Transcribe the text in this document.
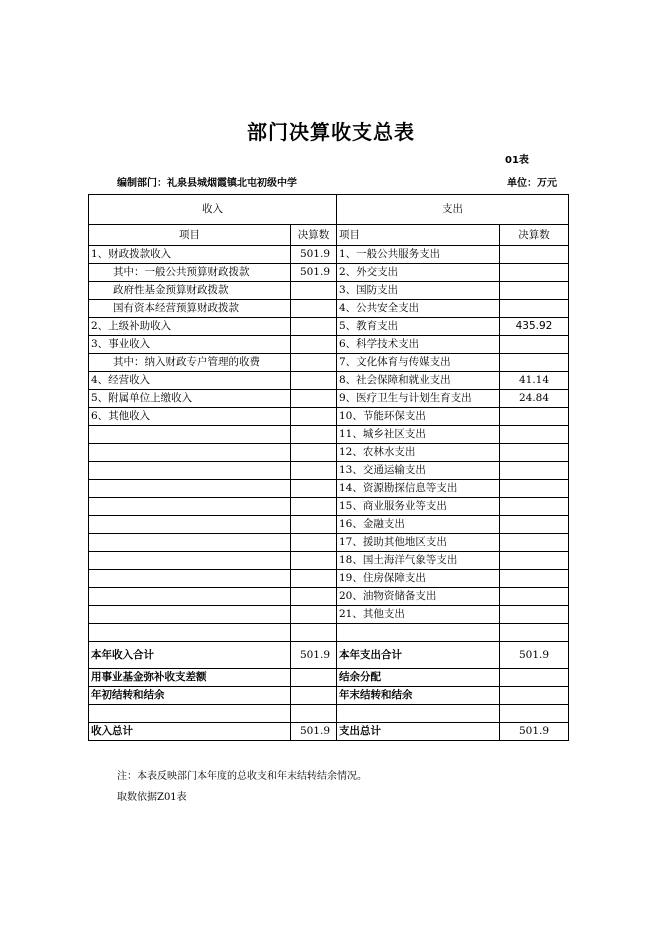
部门决算收支总表
01表
编制部门：礼泉县城烟霞镇北屯初级中学	单位：万元
收入		支出	
项目	决算数	项目	决算数
1、财政拨款收入	501.9	1、一般公共服务支出	
其中：一般公共预算财政拨款	501.9	2、外交支出	
政府性基金预算财政拨款		3、国防支出	
国有资本经营预算财政拨款		4、公共安全支出	
2、上级补助收入		5、教育支出	435.92
3、事业收入		6、科学技术支出	
其中：纳入财政专户管理的收费		7、文化体育与传媒支出	
4、经营收入		8、社会保障和就业支出	41.14
5、附属单位上缴收入		9、医疗卫生与计划生育支出	24.84
6、其他收入		10、节能环保支出	
		11、城乡社区支出	
		12、农林水支出	
		13、交通运输支出	
		14、资源勘探信息等支出	
		15、商业服务业等支出	
		16、金融支出	
		17、援助其他地区支出	
		18、国土海洋气象等支出	
		19、住房保障支出	
		20、油物资储备支出	
		21、其他支出	

本年收入合计	501.9	本年支出合计	501.9
用事业基金弥补收支差额		结余分配	
年初结转和结余		年末结转和结余	

收入总计	501.9	支出总计	501.9
注：本表反映部门本年度的总收支和年末结转结余情况。
取数依据Z01表
